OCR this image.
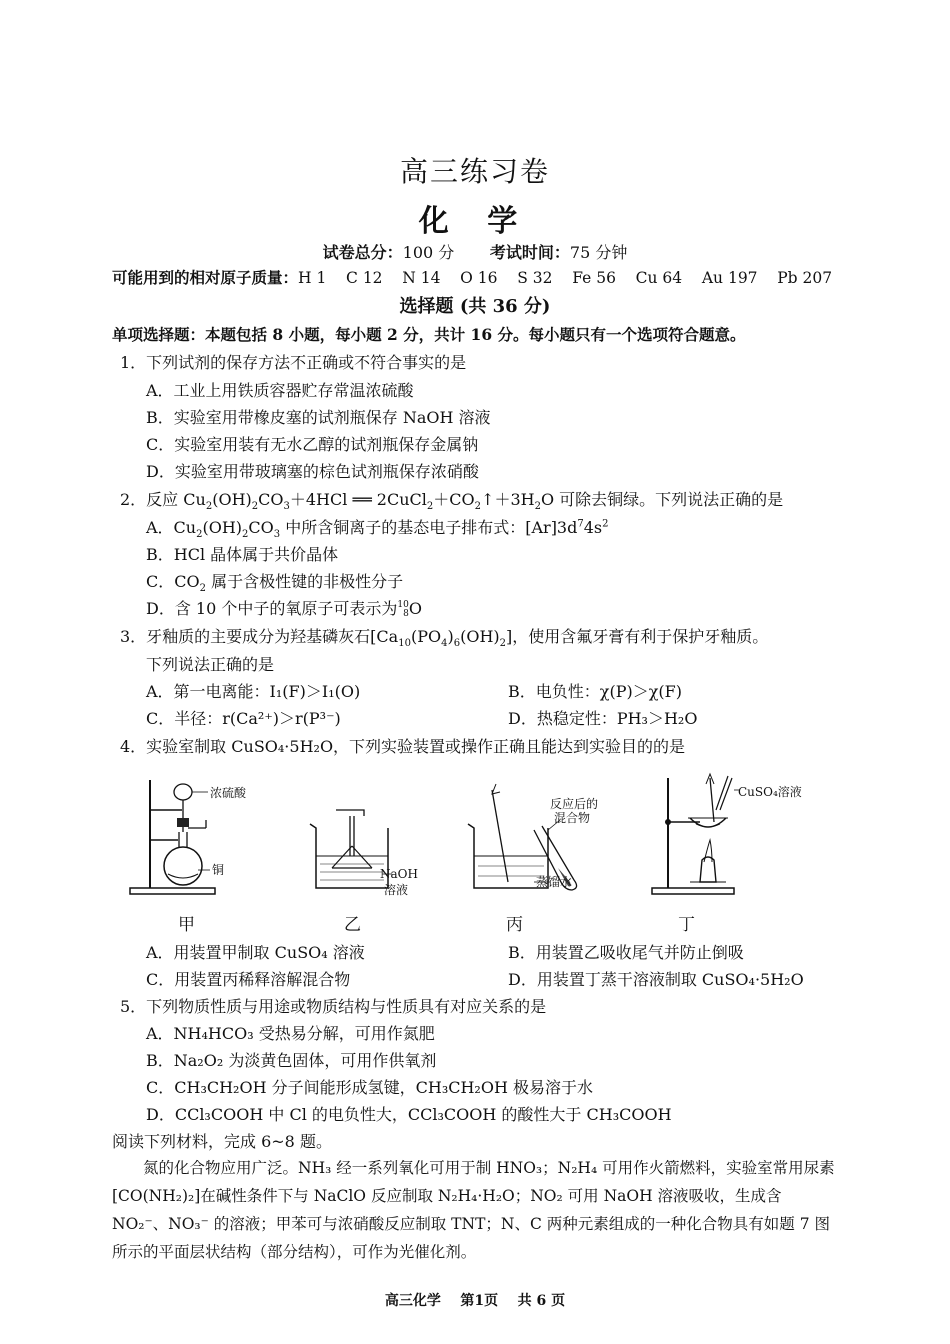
高三练习卷
化 学
试卷总分：100 分 考试时间：75 分钟
可能用到的相对原子质量：H 1    C 12    N 14    O 16    S 32    Fe 56    Cu 64    Au 197    Pb 207
选择题 (共 36 分)
单项选择题：本题包括 8 小题，每小题 2 分，共计 16 分。每小题只有一个选项符合题意。
1．下列试剂的保存方法不正确或不符合事实的是
A．工业上用铁质容器贮存常温浓硫酸
B．实验室用带橡皮塞的试剂瓶保存 NaOH 溶液
C．实验室用装有无水乙醇的试剂瓶保存金属钠
D．实验室用带玻璃塞的棕色试剂瓶保存浓硝酸
2．反应 $Cu_2(OH)_2CO_3+4HCl$ ══ $2CuCl_2+CO_2↑+3H_2O$ 可除去铜绿。下列说法正确的是
A．$Cu_2(OH)_2CO_3$ 中所含铜离子的基态电子排布式：$[Ar]3d^74s^2$
B．HCl 晶体属于共价晶体
C．$CO_2$ 属于含极性键的非极性分子
D．含 10 个中子的氧原子可表示为10
8O
3．牙釉质的主要成分为羟基磷灰石$[Ca_{10}(PO_4)_6(OH)_2]$，使用含氟牙膏有利于保护牙釉质。
下列说法正确的是
A．第一电离能：I₁(F)＞I₁(O)	B．电负性：χ(P)＞χ(F)
C．半径：r(Ca²⁺)＞r(P³⁻)	D．热稳定性：PH₃＞H₂O
4．实验室制取 CuSO₄·5H₂O，下列实验装置或操作正确且能达到实验目的的是
浓硫酸
铜	NaOH
溶液
反应后的
混合物
蒸馏水
CuSO₄溶液
甲	乙	丙	丁
A．用装置甲制取 CuSO₄ 溶液	B．用装置乙吸收尾气并防止倒吸
C．用装置丙稀释溶解混合物	D．用装置丁蒸干溶液制取 CuSO₄·5H₂O
5．下列物质性质与用途或物质结构与性质具有对应关系的是
A．NH₄HCO₃ 受热易分解，可用作氮肥
B．Na₂O₂ 为淡黄色固体，可用作供氧剂
C．CH₃CH₂OH 分子间能形成氢键，CH₃CH₂OH 极易溶于水
D．CCl₃COOH 中 Cl 的电负性大，CCl₃COOH 的酸性大于 CH₃COOH
阅读下列材料，完成 6~8 题。
氮的化合物应用广泛。NH₃ 经一系列氧化可用于制 HNO₃；N₂H₄ 可用作火箭燃料，实验室常用尿素[CO(NH₂)₂]在碱性条件下与 NaClO 反应制取 N₂H₄·H₂O；NO₂ 可用 NaOH 溶液吸收，生成含 NO₂⁻、NO₃⁻ 的溶液；甲苯可与浓硝酸反应制取 TNT；N、C 两种元素组成的一种化合物具有如题 7 图所示的平面层状结构（部分结构），可作为光催化剂。
高三化学    第1页    共 6 页
